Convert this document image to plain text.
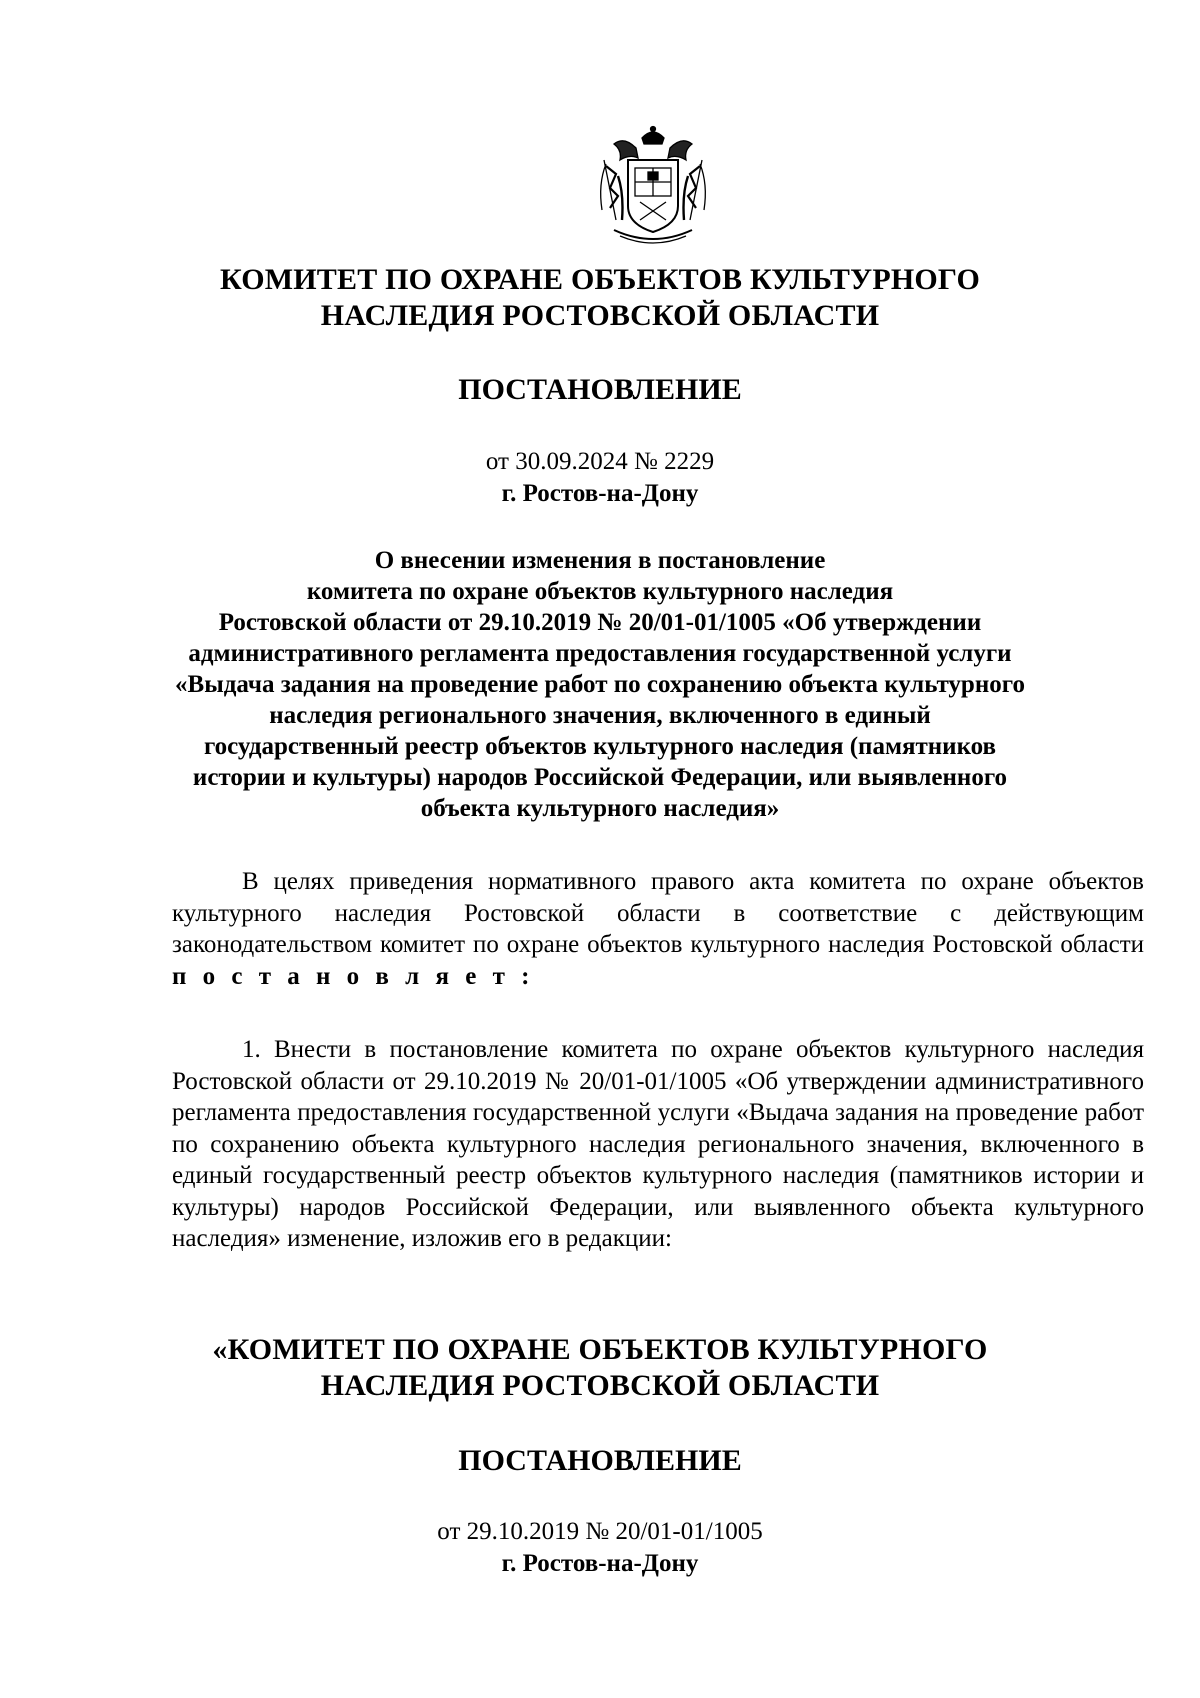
КОМИТЕТ ПО ОХРАНЕ ОБЪЕКТОВ КУЛЬТУРНОГО
НАСЛЕДИЯ РОСТОВСКОЙ ОБЛАСТИ
ПОСТАНОВЛЕНИЕ
от 30.09.2024 № 2229
г. Ростов-на-Дону
О внесении изменения в постановление
комитета по охране объектов культурного наследия
Ростовской области от 29.10.2019 № 20/01-01/1005 «Об утверждении
административного регламента предоставления государственной услуги
«Выдача задания на проведение работ по сохранению объекта культурного
наследия регионального значения, включенного в единый
государственный реестр объектов культурного наследия (памятников
истории и культуры) народов Российской Федерации, или выявленного
объекта культурного наследия»
В целях приведения нормативного правого акта комитета по охране объектов культурного наследия Ростовской области в соответствие с действующим законодательством комитет по охране объектов культурного наследия Ростовской области п о с т а н о в л я е т :
1. Внести в постановление комитета по охране объектов культурного наследия Ростовской области от 29.10.2019 № 20/01-01/1005 «Об утверждении административного регламента предоставления государственной услуги «Выдача задания на проведение работ по сохранению объекта культурного наследия регионального значения, включенного в единый государственный реестр объектов культурного наследия (памятников истории и культуры) народов Российской Федерации, или выявленного объекта культурного наследия» изменение, изложив его в редакции:
«КОМИТЕТ ПО ОХРАНЕ ОБЪЕКТОВ КУЛЬТУРНОГО
НАСЛЕДИЯ РОСТОВСКОЙ ОБЛАСТИ
ПОСТАНОВЛЕНИЕ
от 29.10.2019 № 20/01-01/1005
г. Ростов-на-Дону
